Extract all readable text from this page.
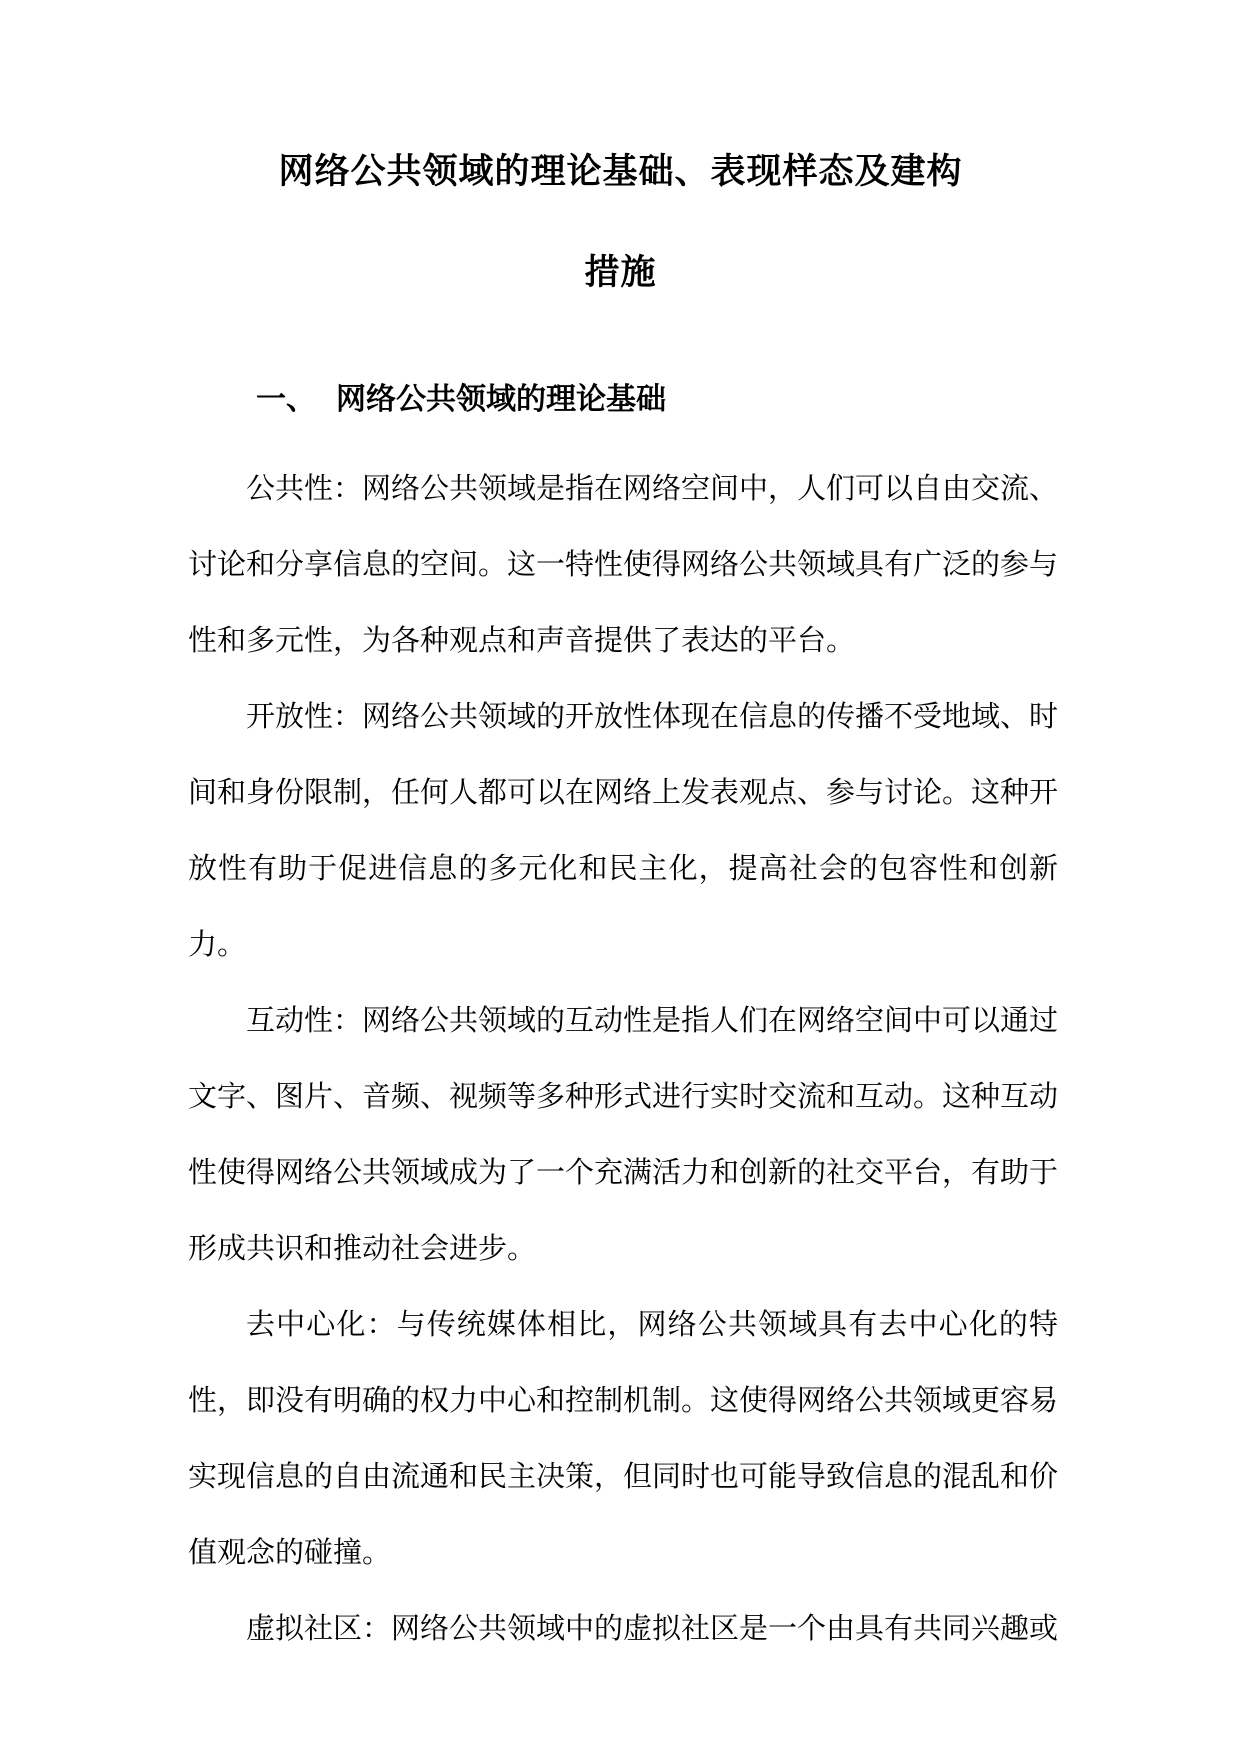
网络公共领域的理论基础、表现样态及建构
措施
一、 网络公共领域的理论基础

公共性：网络公共领域是指在网络空间中，人们可以自由交流、讨论和分享信息的空间。这一特性使得网络公共领域具有广泛的参与性和多元性，为各种观点和声音提供了表达的平台。

开放性：网络公共领域的开放性体现在信息的传播不受地域、时间和身份限制，任何人都可以在网络上发表观点、参与讨论。这种开放性有助于促进信息的多元化和民主化，提高社会的包容性和创新力。

互动性：网络公共领域的互动性是指人们在网络空间中可以通过文字、图片、音频、视频等多种形式进行实时交流和互动。这种互动性使得网络公共领域成为了一个充满活力和创新的社交平台，有助于形成共识和推动社会进步。

去中心化：与传统媒体相比，网络公共领域具有去中心化的特性，即没有明确的权力中心和控制机制。这使得网络公共领域更容易实现信息的自由流通和民主决策，但同时也可能导致信息的混乱和价值观念的碰撞。

虚拟社区：网络公共领域中的虚拟社区是一个由具有共同兴趣或
